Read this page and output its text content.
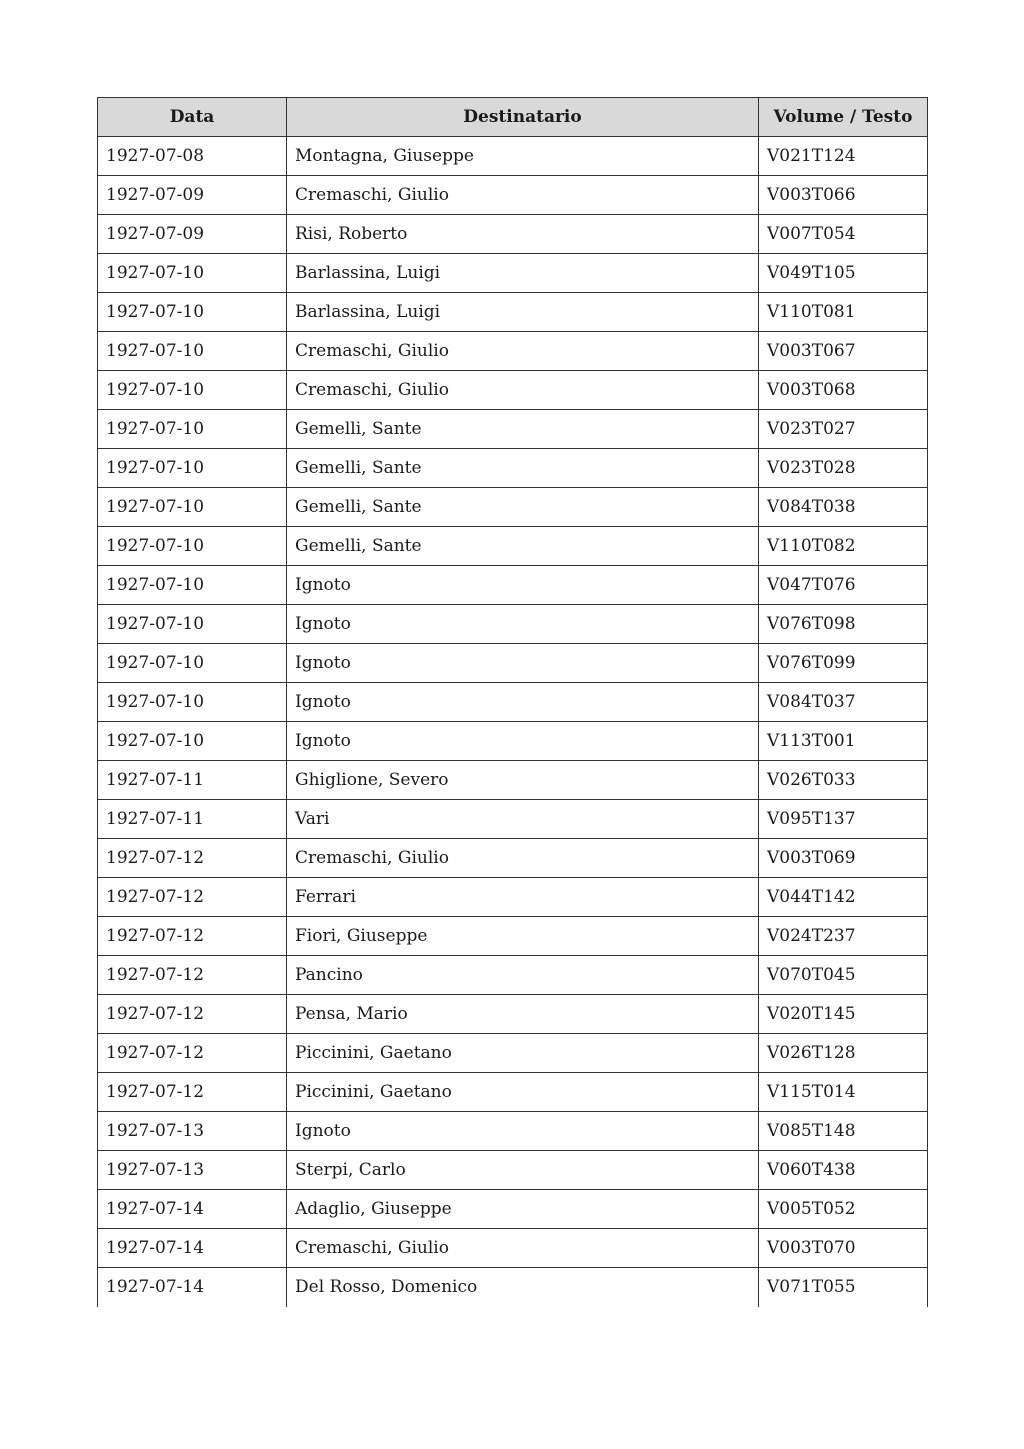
Data	Destinatario	Volume / Testo
1927-07-08	Montagna, Giuseppe	V021T124
1927-07-09	Cremaschi, Giulio	V003T066
1927-07-09	Risi, Roberto	V007T054
1927-07-10	Barlassina, Luigi	V049T105
1927-07-10	Barlassina, Luigi	V110T081
1927-07-10	Cremaschi, Giulio	V003T067
1927-07-10	Cremaschi, Giulio	V003T068
1927-07-10	Gemelli, Sante	V023T027
1927-07-10	Gemelli, Sante	V023T028
1927-07-10	Gemelli, Sante	V084T038
1927-07-10	Gemelli, Sante	V110T082
1927-07-10	Ignoto	V047T076
1927-07-10	Ignoto	V076T098
1927-07-10	Ignoto	V076T099
1927-07-10	Ignoto	V084T037
1927-07-10	Ignoto	V113T001
1927-07-11	Ghiglione, Severo	V026T033
1927-07-11	Vari	V095T137
1927-07-12	Cremaschi, Giulio	V003T069
1927-07-12	Ferrari	V044T142
1927-07-12	Fiori, Giuseppe	V024T237
1927-07-12	Pancino	V070T045
1927-07-12	Pensa, Mario	V020T145
1927-07-12	Piccinini, Gaetano	V026T128
1927-07-12	Piccinini, Gaetano	V115T014
1927-07-13	Ignoto	V085T148
1927-07-13	Sterpi, Carlo	V060T438
1927-07-14	Adaglio, Giuseppe	V005T052
1927-07-14	Cremaschi, Giulio	V003T070
1927-07-14	Del Rosso, Domenico	V071T055
